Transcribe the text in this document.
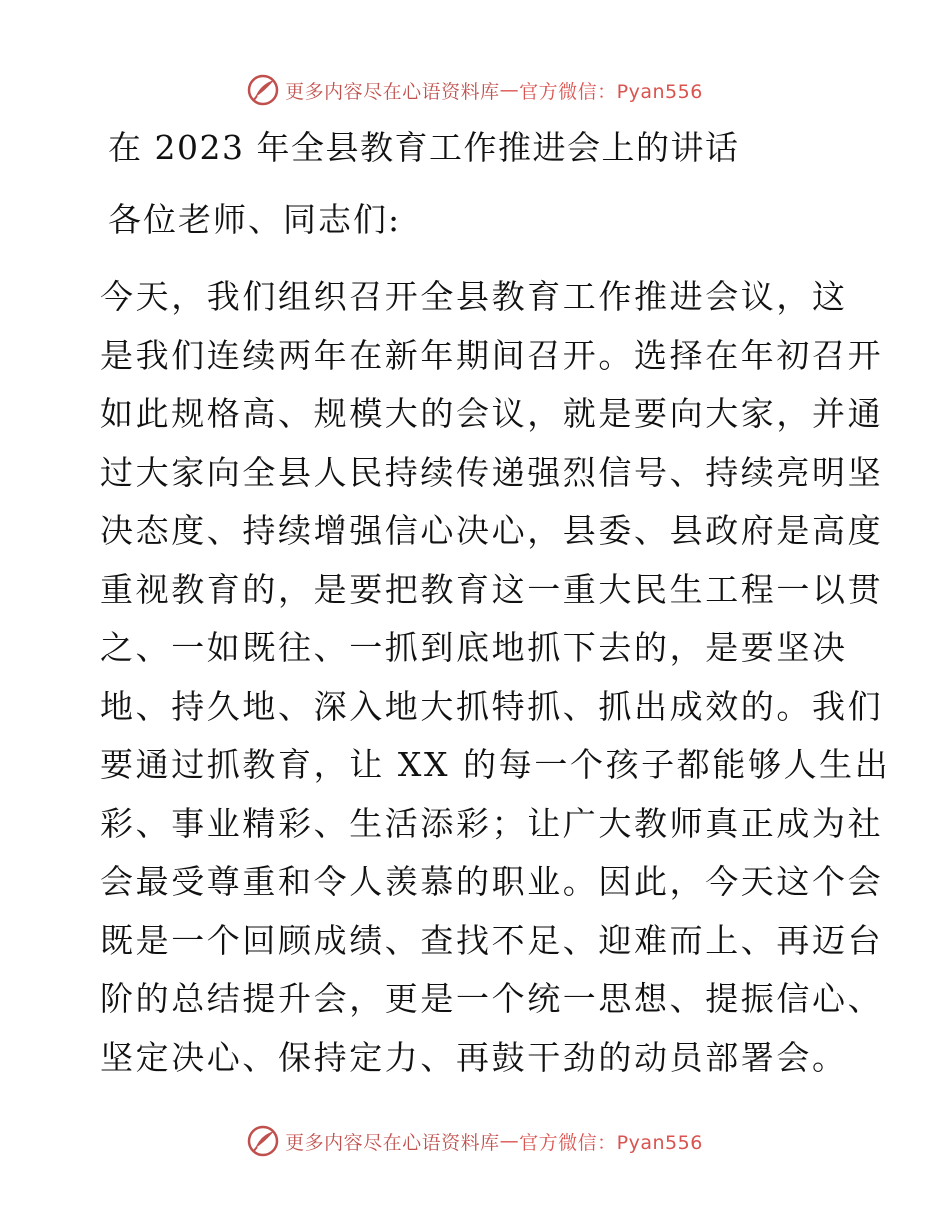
更多内容尽在心语资料库 — 官方微信：Pyan556
在 2023 年全县教育工作推进会上的讲话
各位老师、同志们:
今天，我们组织召开全县教育工作推进会议，这
是我们连续两年在新年期间召开。选择在年初召开
如此规格高、规模大的会议，就是要向大家，并通
过大家向全县人民持续传递强烈信号、持续亮明坚
决态度、持续增强信心决心，县委、县政府是高度
重视教育的，是要把教育这一重大民生工程一以贯
之、一如既往、一抓到底地抓下去的，是要坚决
地、持久地、深入地大抓特抓、抓出成效的。我们
要通过抓教育，让 XX 的每一个孩子都能够人生出
彩、事业精彩、生活添彩；让广大教师真正成为社
会最受尊重和令人羡慕的职业。因此，今天这个会
既是一个回顾成绩、查找不足、迎难而上、再迈台
阶的总结提升会，更是一个统一思想、提振信心、
坚定决心、保持定力、再鼓干劲的动员部署会。
更多内容尽在心语资料库 — 官方微信：Pyan556
